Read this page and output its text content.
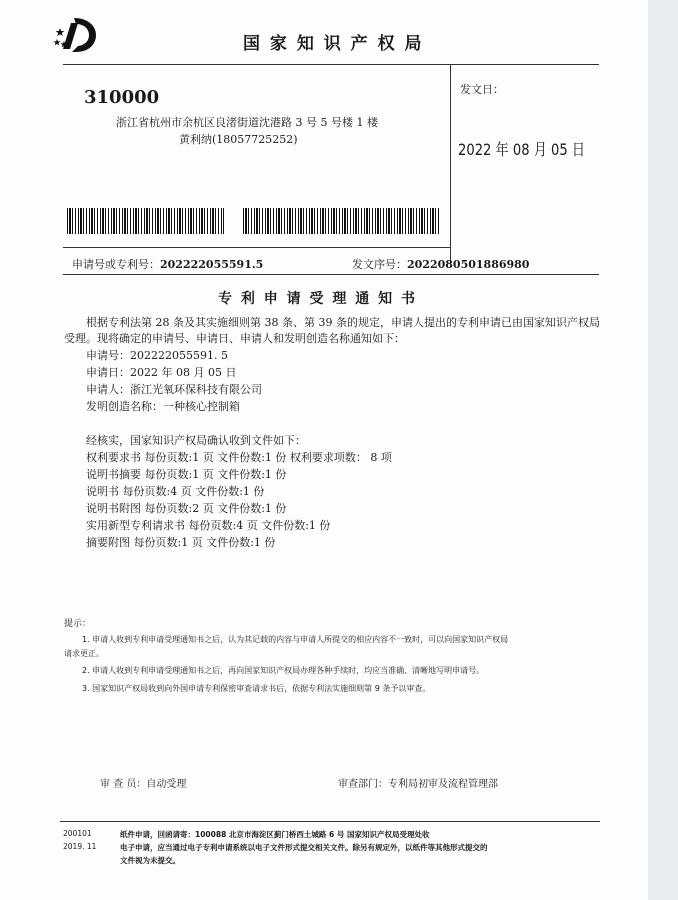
国 家 知 识 产 权 局
310000
浙江省杭州市余杭区良渚街道沈港路 3 号 5 号楼 1 楼
黄利纳(18057725252)
发文日：
2022 年 08 月 05 日
申请号或专利号：202222055591.5	发文序号：2022080501886980
专 利 申 请 受 理 通 知 书
根据专利法第 28 条及其实施细则第 38 条、第 39 条的规定，申请人提出的专利申请已由国家知识产权局
受理。现将确定的申请号、申请日、申请人和发明创造名称通知如下：
申请号：202222055591. 5
申请日：2022 年 08 月 05 日
申请人：浙江光氧环保科技有限公司
发明创造名称：一种核心控制箱
经核实，国家知识产权局确认收到文件如下：
权利要求书 每份页数:1 页 文件份数:1 份 权利要求项数： 8 项
说明书摘要 每份页数:1 页 文件份数:1 份
说明书 每份页数:4 页 文件份数:1 份
说明书附图 每份页数:2 页 文件份数:1 份
实用新型专利请求书 每份页数:4 页 文件份数:1 份
摘要附图 每份页数:1 页 文件份数:1 份
提示：
1. 申请人收到专利申请受理通知书之后，认为其记载的内容与申请人所提交的相应内容不一致时，可以向国家知识产权局
请求更正。
2. 申请人收到专利申请受理通知书之后，再向国家知识产权局办理各种手续时，均应当准确、清晰地写明申请号。
3. 国家知识产权局收到向外国申请专利保密审查请求书后，依据专利法实施细则第 9 条予以审查。
审 查 员：自动受理	审查部门：专利局初审及流程管理部
200101
2019. 11
纸件申请，回函请寄：100088 北京市海淀区蓟门桥西土城路 6 号 国家知识产权局受理处收
电子申请，应当通过电子专利申请系统以电子文件形式提交相关文件。除另有规定外，以纸件等其他形式提交的
文件视为未提交。
